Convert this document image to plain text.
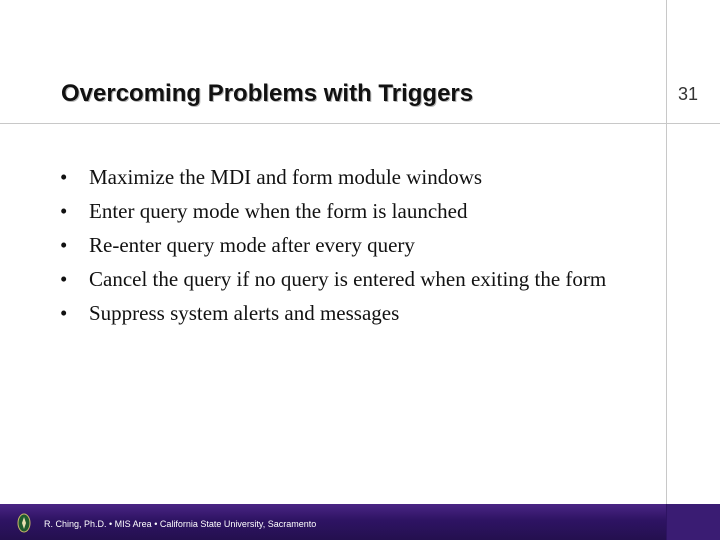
Overcoming Problems with Triggers	31
• Maximize the MDI and form module windows
• Enter query mode when the form is launched
• Re-enter query mode after every query
• Cancel the query if no query is entered when exiting the form
• Suppress system alerts and messages
R. Ching, Ph.D. • MIS Area • California State University, Sacramento
